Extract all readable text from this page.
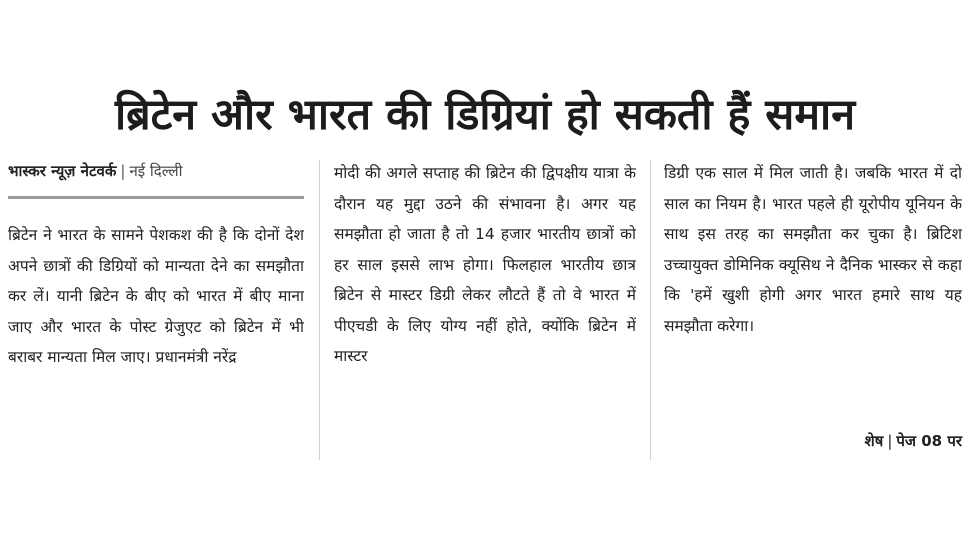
ब्रिटेन और भारत की डिग्रियां हो सकती हैं समान
भास्कर न्यूज़ नेटवर्क | नई दिल्ली

ब्रिटेन ने भारत के सामने पेशकश की है कि दोनों देश अपने छात्रों की डिग्रियों को मान्यता देने का समझौता कर लें। यानी ब्रिटेन के बीए को भारत में बीए माना जाए और भारत के पोस्ट ग्रेजुएट को ब्रिटेन में भी बराबर मान्यता मिल जाए। प्रधानमंत्री नरेंद्र

मोदी की अगले सप्ताह की ब्रिटेन की द्विपक्षीय यात्रा के दौरान यह मुद्दा उठने की संभावना है। अगर यह समझौता हो जाता है तो 14 हजार भारतीय छात्रों को हर साल इससे लाभ होगा। फिलहाल भारतीय छात्र ब्रिटेन से मास्टर डिग्री लेकर लौटते हैं तो वे भारत में पीएचडी के लिए योग्य नहीं होते, क्योंकि ब्रिटेन में मास्टर

डिग्री एक साल में मिल जाती है। जबकि भारत में दो साल का नियम है। भारत पहले ही यूरोपीय यूनियन के साथ इस तरह का समझौता कर चुका है। ब्रिटिश उच्चायुक्त डोमिनिक क्यूसिथ ने दैनिक भास्कर से कहा कि 'हमें खुशी होगी अगर भारत हमारे साथ यह समझौता करेगा।

शेष | पेज 08 पर
